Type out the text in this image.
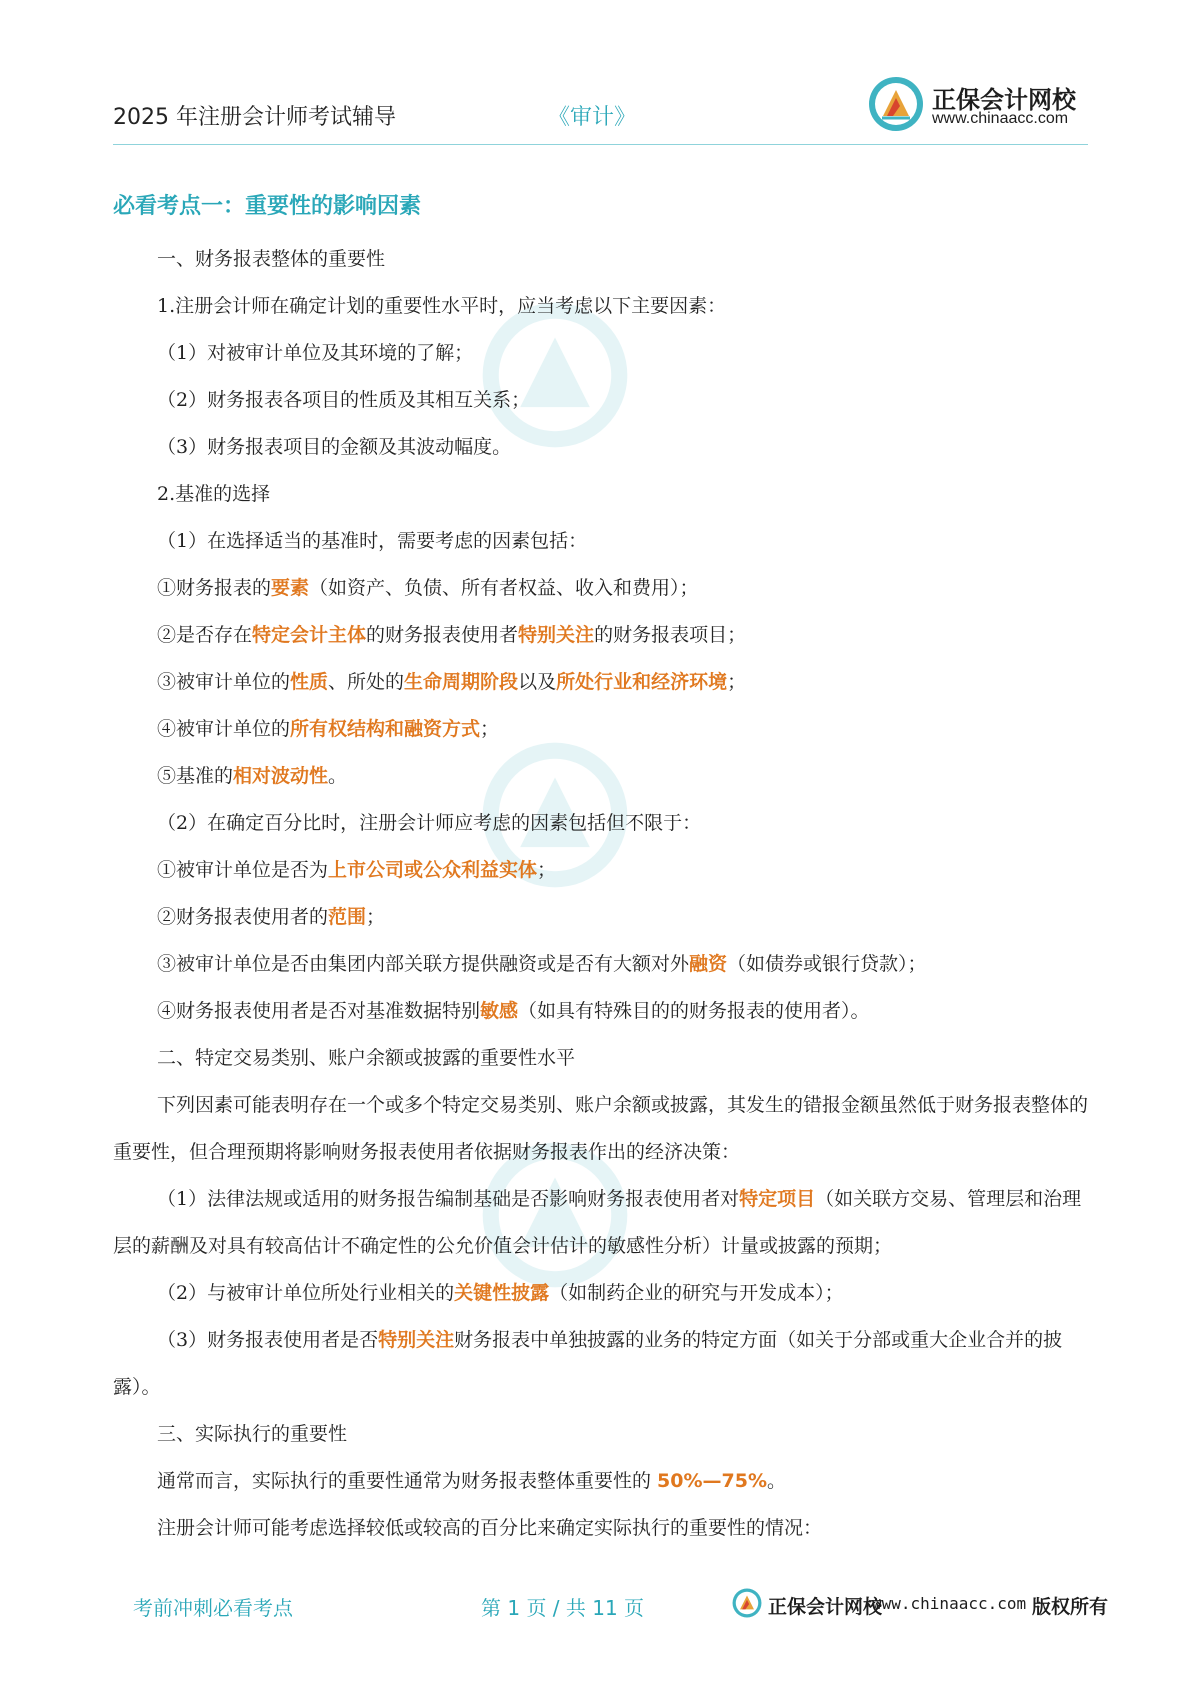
2025 年注册会计师考试辅导	《审计》
正保会计网校
www.chinaacc.com
必看考点一：重要性的影响因素

一、财务报表整体的重要性

1.注册会计师在确定计划的重要性水平时，应当考虑以下主要因素：

（1）对被审计单位及其环境的了解；

（2）财务报表各项目的性质及其相互关系；

（3）财务报表项目的金额及其波动幅度。

2.基准的选择

（1）在选择适当的基准时，需要考虑的因素包括：

①财务报表的要素（如资产、负债、所有者权益、收入和费用）；

②是否存在特定会计主体的财务报表使用者特别关注的财务报表项目；

③被审计单位的性质、所处的生命周期阶段以及所处行业和经济环境；

④被审计单位的所有权结构和融资方式；

⑤基准的相对波动性。

（2）在确定百分比时，注册会计师应考虑的因素包括但不限于：

①被审计单位是否为上市公司或公众利益实体；

②财务报表使用者的范围；

③被审计单位是否由集团内部关联方提供融资或是否有大额对外融资（如债券或银行贷款）；

④财务报表使用者是否对基准数据特别敏感（如具有特殊目的的财务报表的使用者）。

二、特定交易类别、账户余额或披露的重要性水平

下列因素可能表明存在一个或多个特定交易类别、账户余额或披露，其发生的错报金额虽然低于财务报表整体的重要性，但合理预期将影响财务报表使用者依据财务报表作出的经济决策：

（1）法律法规或适用的财务报告编制基础是否影响财务报表使用者对特定项目（如关联方交易、管理层和治理层的薪酬及对具有较高估计不确定性的公允价值会计估计的敏感性分析）计量或披露的预期；

（2）与被审计单位所处行业相关的关键性披露（如制药企业的研究与开发成本）；

（3）财务报表使用者是否特别关注财务报表中单独披露的业务的特定方面（如关于分部或重大企业合并的披露）。

三、实际执行的重要性

通常而言，实际执行的重要性通常为财务报表整体重要性的 50%—75%。

注册会计师可能考虑选择较低或较高的百分比来确定实际执行的重要性的情况：

考前冲刺必看考点	第 1 页 / 共 11 页	正保会计网校
www.chinaacc.com 版权所有
